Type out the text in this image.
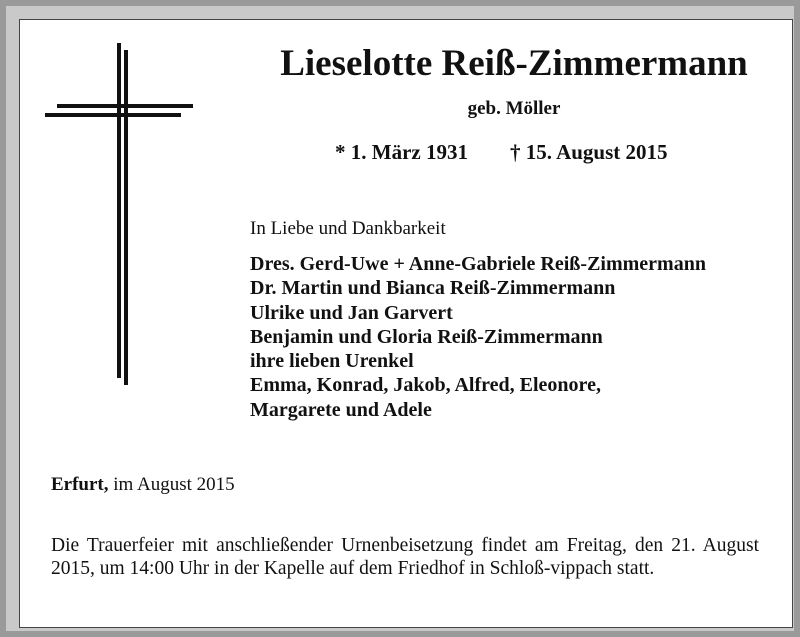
Lieselotte Reiß-Zimmermann
geb. Möller
* 1. März 1931 † 15. August 2015
In Liebe und Dankbarkeit
Dres. Gerd-Uwe + Anne-Gabriele Reiß-Zimmermann
Dr. Martin und Bianca Reiß-Zimmermann
Ulrike und Jan Garvert
Benjamin und Gloria Reiß-Zimmermann
ihre lieben Urenkel
Emma, Konrad, Jakob, Alfred, Eleonore,
Margarete und Adele
Erfurt, im August 2015
Die Trauerfeier mit anschließender Urnenbeisetzung findet am Freitag, den 21. August 2015, um 14:00 Uhr in der Kapelle auf dem Friedhof in Schloß-vippach statt.
